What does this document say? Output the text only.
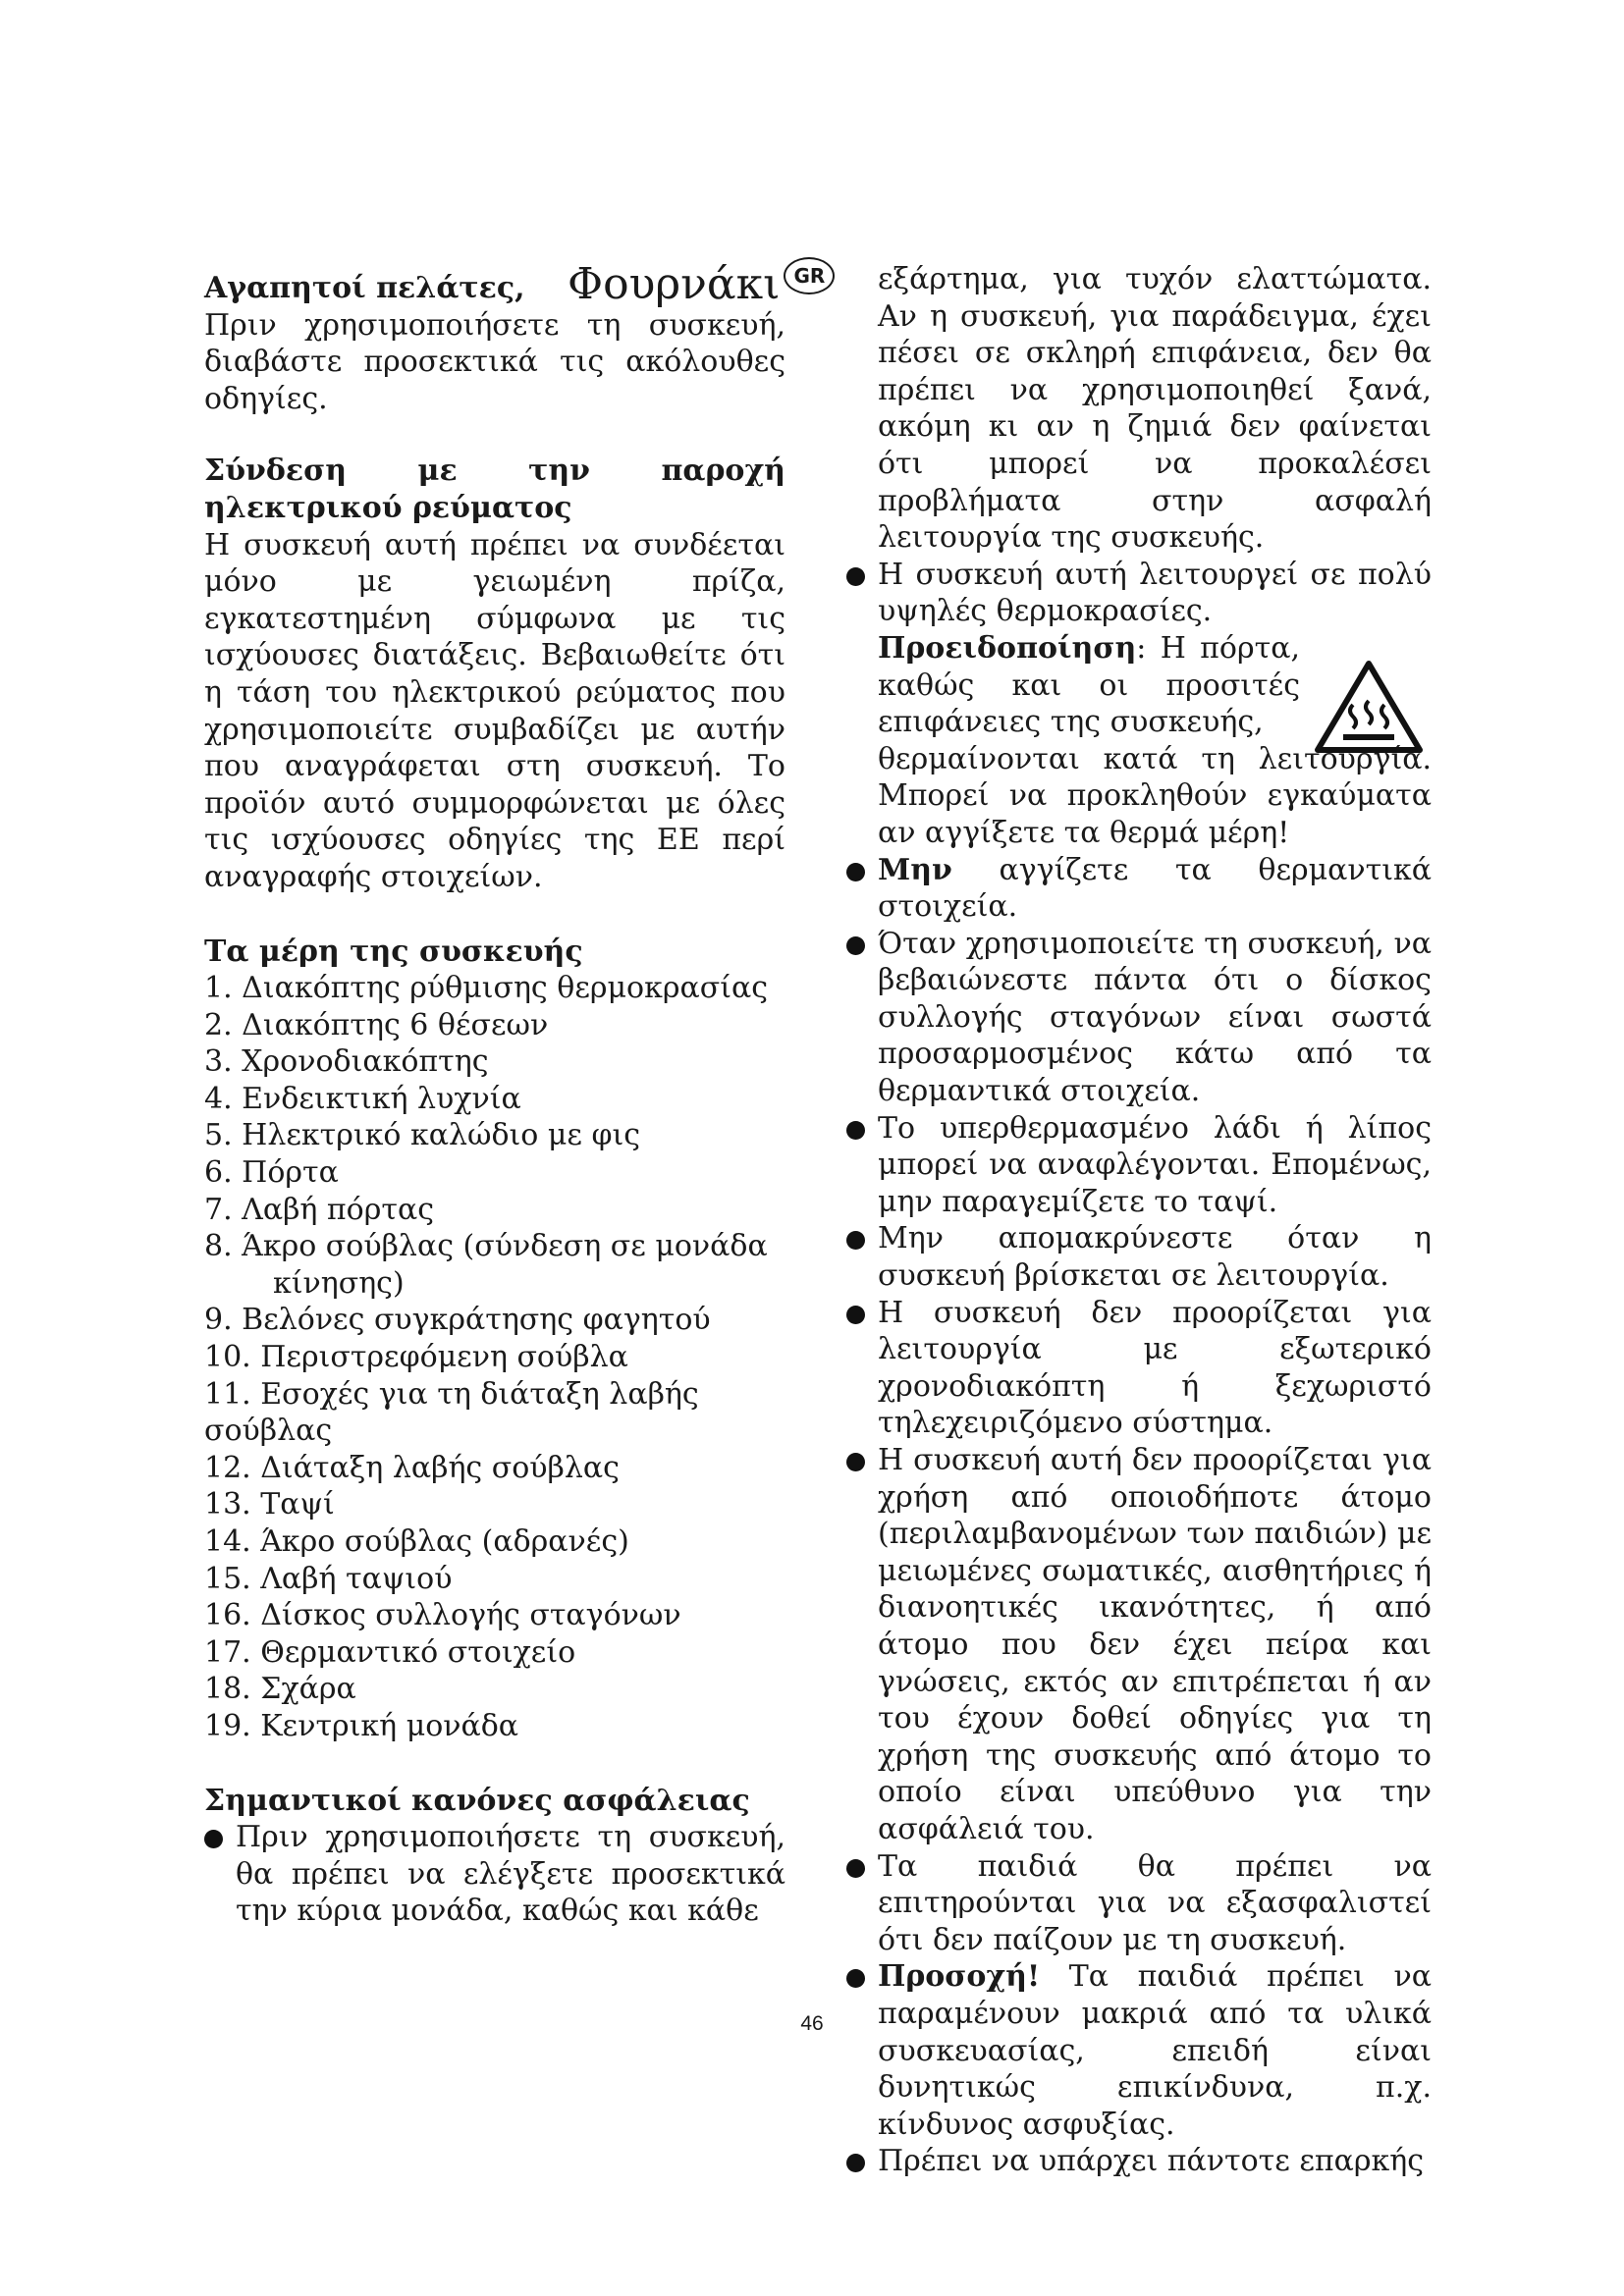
Φουρνάκι GR

Αγαπητοί πελάτες,

Πριν χρησιμοποιήσετε τη συσκευή, διαβάστε προσεκτικά τις ακόλουθες οδηγίες.

Σύνδεση με την παροχή ηλεκτρικού ρεύματος

Η συσκευή αυτή πρέπει να συνδέεται μόνο με γειωμένη πρίζα, εγκατεστημένη σύμφωνα με τις ισχύουσες διατάξεις. Βεβαιωθείτε ότι η τάση του ηλεκτρικού ρεύματος που χρησιμοποιείτε συμβαδίζει με αυτήν που αναγράφεται στη συσκευή. Το προϊόν αυτό συμμορφώνεται με όλες τις ισχύουσες οδηγίες της ΕΕ περί αναγραφής στοιχείων.

Τα μέρη της συσκευής

1. Διακόπτης ρύθμισης θερμοκρασίας
2. Διακόπτης 6 θέσεων
3. Χρονοδιακόπτης
4. Ενδεικτική λυχνία
5. Ηλεκτρικό καλώδιο με φις
6. Πόρτα
7. Λαβή πόρτας
8. Άκρο σούβλας (σύνδεση σε μονάδα
κίνησης)
9. Βελόνες συγκράτησης φαγητού
10. Περιστρεφόμενη σούβλα
11. Εσοχές για τη διάταξη λαβής σούβλας
12. Διάταξη λαβής σούβλας
13. Ταψί
14. Άκρο σούβλας (αδρανές)
15. Λαβή ταψιού
16. Δίσκος συλλογής σταγόνων
17. Θερμαντικό στοιχείο
18. Σχάρα
19. Κεντρική μονάδα

Σημαντικοί κανόνες ασφάλειας

Πριν χρησιμοποιήσετε τη συσκευή, θα πρέπει να ελέγξετε προσεκτικά την κύρια μονάδα, καθώς και κάθε
εξάρτημα, για τυχόν ελαττώματα. Αν η συσκευή, για παράδειγμα, έχει πέσει σε σκληρή επιφάνεια, δεν θα πρέπει να χρησιμοποιηθεί ξανά, ακόμη κι αν η ζημιά δεν φαίνεται ότι μπορεί να προκαλέσει προβλήματα στην ασφαλή λειτουργία της συσκευής.
Η συσκευή αυτή λειτουργεί σε πολύ υψηλές θερμοκρασίες.
Προειδοποίηση: Η πόρτα, καθώς και οι προσιτές επιφάνειες της συσκευής,
θερμαίνονται κατά τη λειτουργία. Μπορεί να προκληθούν εγκαύματα αν αγγίξετε τα θερμά μέρη!
Μην αγγίζετε τα θερμαντικά στοιχεία.
Όταν χρησιμοποιείτε τη συσκευή, να βεβαιώνεστε πάντα ότι ο δίσκος συλλογής σταγόνων είναι σωστά προσαρμοσμένος κάτω από τα θερμαντικά στοιχεία.
Το υπερθερμασμένο λάδι ή λίπος μπορεί να αναφλέγονται. Επομένως, μην παραγεμίζετε το ταψί.
Μην απομακρύνεστε όταν η συσκευή βρίσκεται σε λειτουργία.
Η συσκευή δεν προορίζεται για λειτουργία με εξωτερικό χρονοδιακόπτη ή ξεχωριστό τηλεχειριζόμενο σύστημα.
Η συσκευή αυτή δεν προορίζεται για χρήση από οποιοδήποτε άτομο (περιλαμβανομένων των παιδιών) με μειωμένες σωματικές, αισθητήριες ή διανοητικές ικανότητες, ή από άτομο που δεν έχει πείρα και γνώσεις, εκτός αν επιτρέπεται ή αν του έχουν δοθεί οδηγίες για τη χρήση της συσκευής από άτομο το οποίο είναι υπεύθυνο για την ασφάλειά του.
Τα παιδιά θα πρέπει να επιτηρούνται για να εξασφαλιστεί ότι δεν παίζουν με τη συσκευή.
Προσοχή! Τα παιδιά πρέπει να παραμένουν μακριά από τα υλικά συσκευασίας, επειδή είναι δυνητικώς επικίνδυνα, π.χ. κίνδυνος ασφυξίας.
Πρέπει να υπάρχει πάντοτε επαρκής
46
